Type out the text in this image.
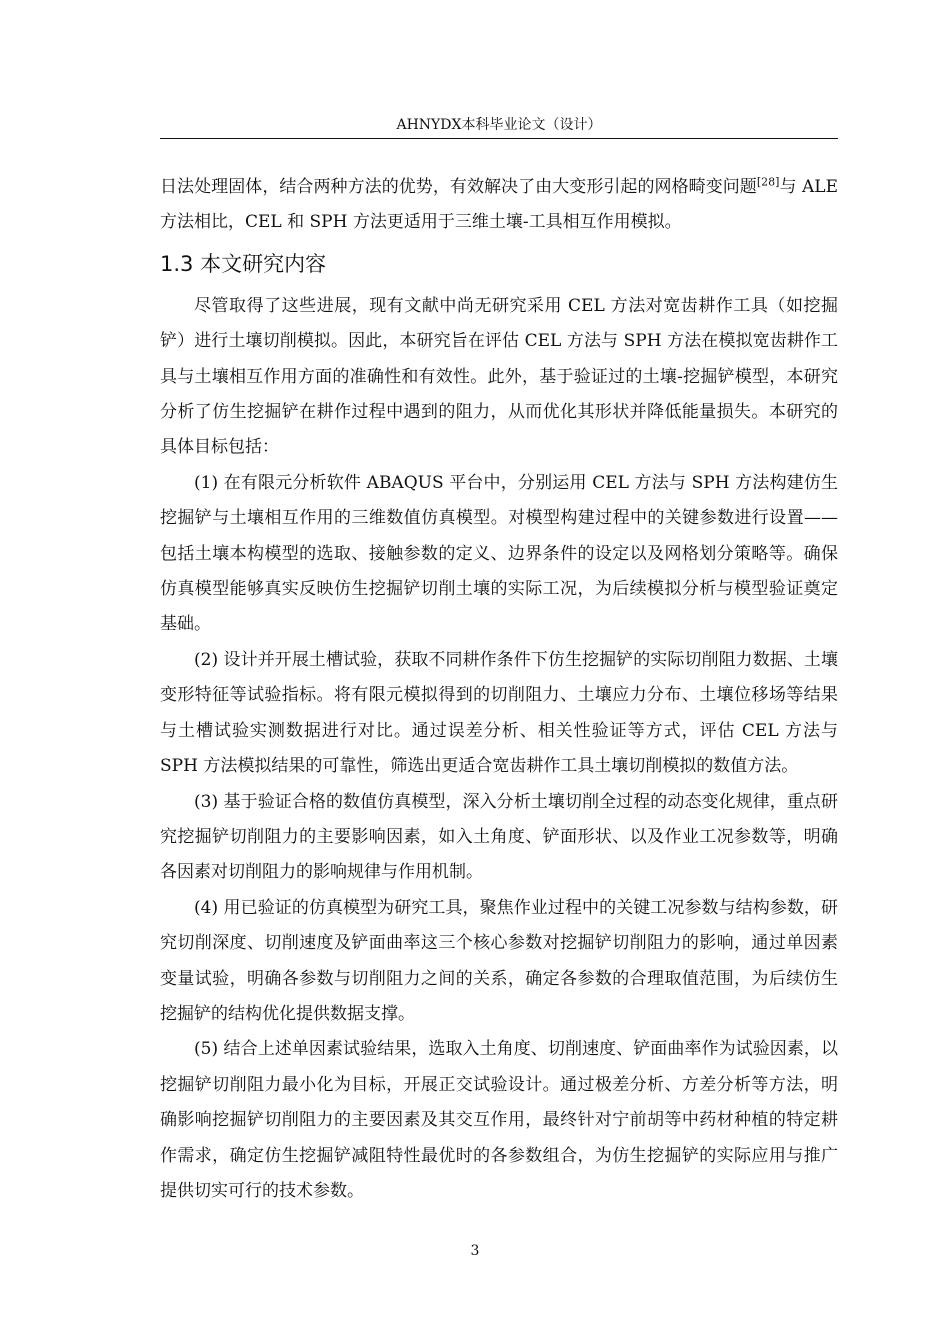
AHNYDX本科毕业论文（设计）

日法处理固体，结合两种方法的优势，有效解决了由大变形引起的网格畸变问题[28]与 ALE 方法相比，CEL 和 SPH 方法更适用于三维土壤-工具相互作用模拟。

1.3 本文研究内容

尽管取得了这些进展，现有文献中尚无研究采用 CEL 方法对宽齿耕作工具（如挖掘铲）进行土壤切削模拟。因此，本研究旨在评估 CEL 方法与 SPH 方法在模拟宽齿耕作工具与土壤相互作用方面的准确性和有效性。此外，基于验证过的土壤-挖掘铲模型，本研究分析了仿生挖掘铲在耕作过程中遇到的阻力，从而优化其形状并降低能量损失。本研究的具体目标包括：

(1) 在有限元分析软件 ABAQUS 平台中，分别运用 CEL 方法与 SPH 方法构建仿生挖掘铲与土壤相互作用的三维数值仿真模型。对模型构建过程中的关键参数进行设置——包括土壤本构模型的选取、接触参数的定义、边界条件的设定以及网格划分策略等。确保仿真模型能够真实反映仿生挖掘铲切削土壤的实际工况，为后续模拟分析与模型验证奠定基础。

(2) 设计并开展土槽试验，获取不同耕作条件下仿生挖掘铲的实际切削阻力数据、土壤变形特征等试验指标。将有限元模拟得到的切削阻力、土壤应力分布、土壤位移场等结果与土槽试验实测数据进行对比。通过误差分析、相关性验证等方式，评估 CEL 方法与 SPH 方法模拟结果的可靠性，筛选出更适合宽齿耕作工具土壤切削模拟的数值方法。

(3) 基于验证合格的数值仿真模型，深入分析土壤切削全过程的动态变化规律，重点研究挖掘铲切削阻力的主要影响因素，如入土角度、铲面形状、以及作业工况参数等，明确各因素对切削阻力的影响规律与作用机制。

(4) 用已验证的仿真模型为研究工具，聚焦作业过程中的关键工况参数与结构参数，研究切削深度、切削速度及铲面曲率这三个核心参数对挖掘铲切削阻力的影响，通过单因素变量试验，明确各参数与切削阻力之间的关系，确定各参数的合理取值范围，为后续仿生挖掘铲的结构优化提供数据支撑。

(5) 结合上述单因素试验结果，选取入土角度、切削速度、铲面曲率作为试验因素，以挖掘铲切削阻力最小化为目标，开展正交试验设计。通过极差分析、方差分析等方法，明确影响挖掘铲切削阻力的主要因素及其交互作用，最终针对宁前胡等中药材种植的特定耕作需求，确定仿生挖掘铲减阻特性最优时的各参数组合，为仿生挖掘铲的实际应用与推广提供切实可行的技术参数。

3
